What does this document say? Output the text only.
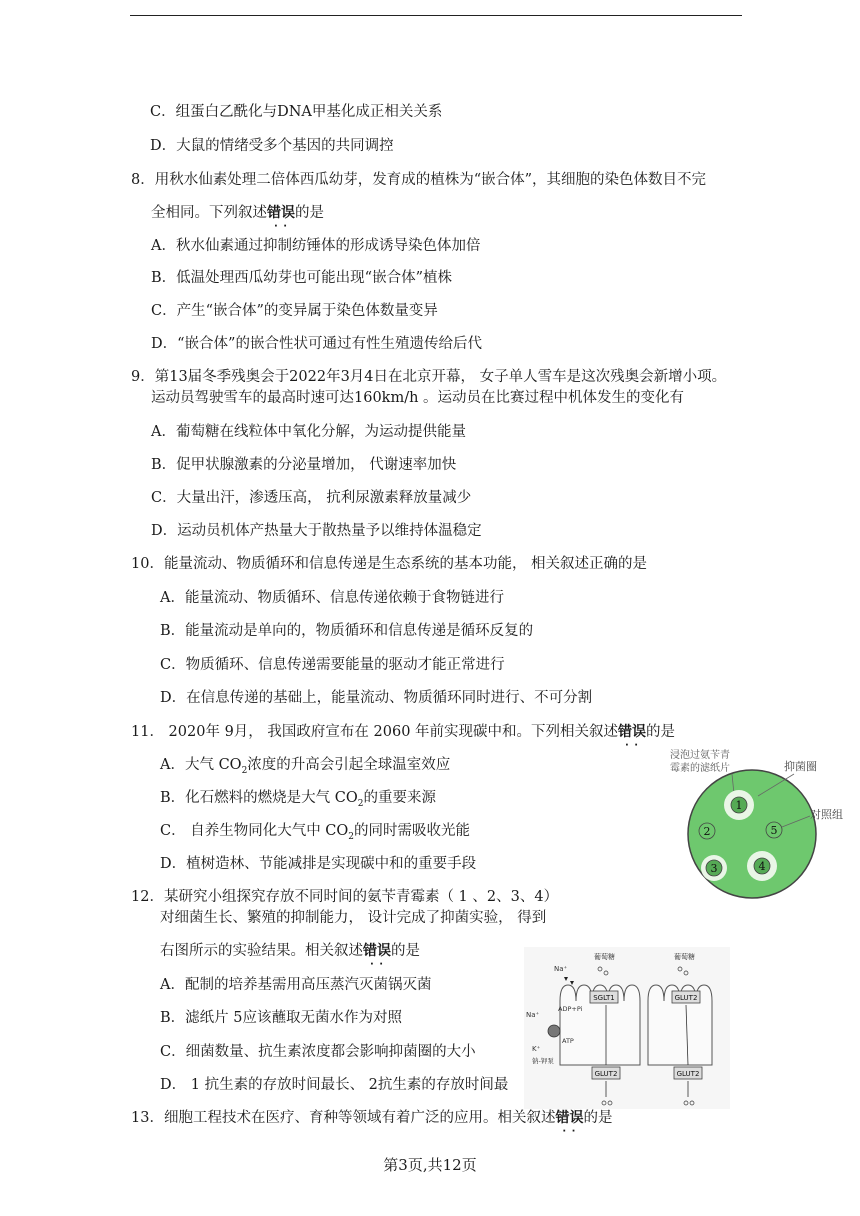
C．组蛋白乙酰化与DNA甲基化成正相关关系
D．大鼠的情绪受多个基因的共同调控
8．用秋水仙素处理二倍体西瓜幼芽，发育成的植株为“嵌合体”，其细胞的染色体数目不完
全相同。下列叙述错误 · ·的是
A．秋水仙素通过抑制纺锤体的形成诱导染色体加倍
B．低温处理西瓜幼芽也可能出现“嵌合体”植株
C．产生“嵌合体”的变异属于染色体数量变异
D．“嵌合体”的嵌合性状可通过有性生殖遗传给后代
9．第13届冬季残奥会于2022年3月4日在北京开幕， 女子单人雪车是这次残奥会新增小项。
运动员驾驶雪车的最高时速可达160km/h 。运动员在比赛过程中机体发生的变化有
A．葡萄糖在线粒体中氧化分解，为运动提供能量
B．促甲状腺激素的分泌量增加， 代谢速率加快
C．大量出汗，渗透压高， 抗利尿激素释放量减少
D．运动员机体产热量大于散热量予以维持体温稳定
10．能量流动、物质循环和信息传递是生态系统的基本功能， 相关叙述正确的是
A．能量流动、物质循环、信息传递依赖于食物链进行
B．能量流动是单向的，物质循环和信息传递是循环反复的
C．物质循环、信息传递需要能量的驱动才能正常进行
D．在信息传递的基础上，能量流动、物质循环同时进行、不可分割
11． 2020年 9月， 我国政府宣布在 2060 年前实现碳中和。下列相关叙述错误 · ·的是
A．大气 $CO_2$浓度的升高会引起全球温室效应
B．化石燃料的燃烧是大气 $CO_2$的重要来源
C． 自养生物同化大气中 $CO_2$的同时需吸收光能
D．植树造林、节能减排是实现碳中和的重要手段
12．某研究小组探究存放不同时间的氨苄青霉素（ 1 、2、3、4）
对细菌生长、繁殖的抑制能力， 设计完成了抑菌实验， 得到
右图所示的实验结果。相关叙述错误 · ·的是
A．配制的培养基需用高压蒸汽灭菌锅灭菌
B．滤纸片 5应该蘸取无菌水作为对照
C．细菌数量、抗生素浓度都会影响抑菌圈的大小
D． 1 抗生素的存放时间最长、 2抗生素的存放时间最
13．细胞工程技术在医疗、育种等领域有着广泛的应用。相关叙述错误 · ·的是
浸泡过氨苄青
霉素的滤纸片	抑菌圈
1
2
3	4
5
对照组
葡萄糖	葡萄糖
Na⁺
SGLT1	GLUT2
Na⁺
ADP+Pi
ATP
K⁺
钠-钾泵
GLUT2	GLUT2
第3页,共12页
